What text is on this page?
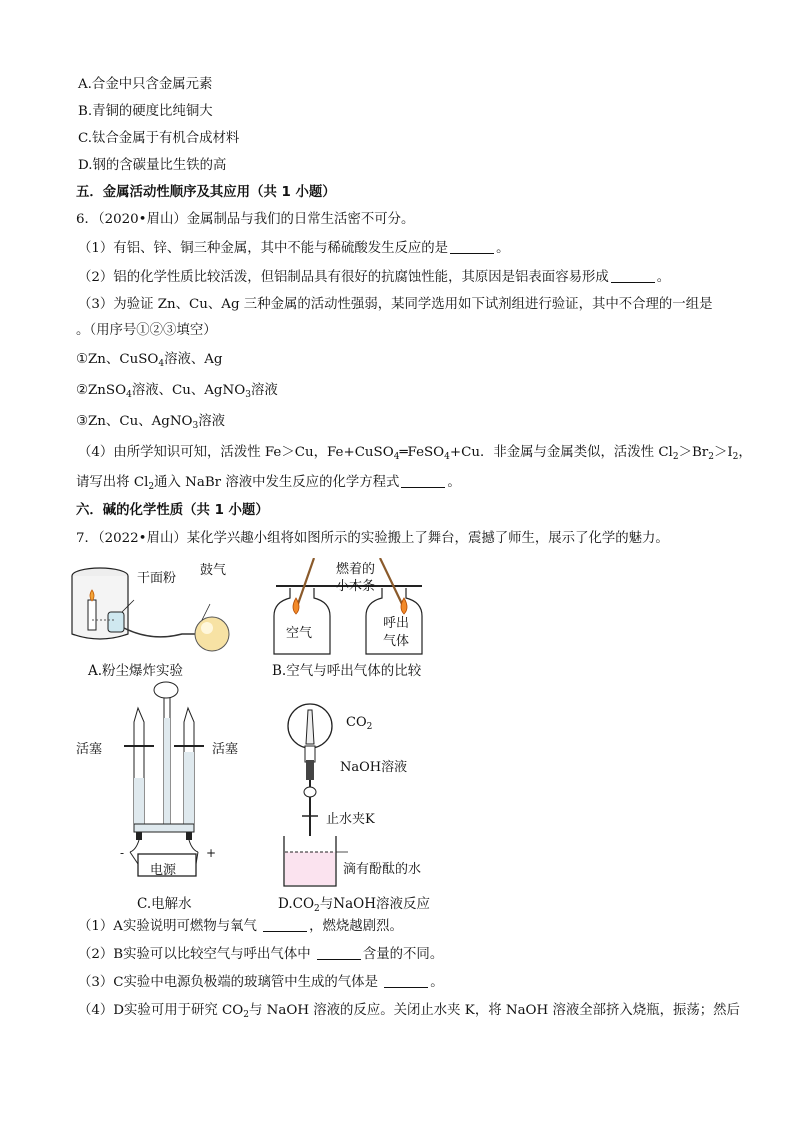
A.合金中只含金属元素
B.青铜的硬度比纯铜大
C.钛合金属于有机合成材料
D.钢的含碳量比生铁的高
五．金属活动性顺序及其应用（共 1 小题）
6．（2020•眉山）金属制品与我们的日常生活密不可分。
（1）有铝、锌、铜三种金属，其中不能与稀硫酸发生反应的是	。
（2）铝的化学性质比较活泼，但铝制品具有很好的抗腐蚀性能，其原因是铝表面容易形成	。
（3）为验证 Zn、Cu、Ag 三种金属的活动性强弱，某同学选用如下试剂组进行验证，其中不合理的一组是
。（用序号①②③填空）
①Zn、CuSO$_4$溶液、Ag
②ZnSO$_4$溶液、Cu、AgNO$_3$溶液
③Zn、Cu、AgNO$_3$溶液
（4）由所学知识可知，活泼性 Fe＞Cu，Fe+CuSO$_4$═FeSO$_4$+Cu．非金属与金属类似，活泼性 $Cl_2>Br_2>I_2$，
请写出将 $Cl_2$通入 NaBr 溶液中发生反应的化学方程式	。
六．碱的化学性质（共 1 小题）
7．（2022•眉山）某化学兴趣小组将如图所示的实验搬上了舞台，震撼了师生，展示了化学的魅力。
干面粉
鼓气
A.粉尘爆炸实验
燃着的
小木条
空气
呼出
气体
B.空气与呼出气体的比较
活塞	活塞
-	+
电源
C.电解水
$CO_2$
NaOH溶液
止水夹K
滴有酚酞的水
$D.CO_2$与NaOH溶液反应
（1）A实验说明可燃物与氧气	，燃烧越剧烈。
（2）B实验可以比较空气与呼出气体中	含量的不同。
（3）C实验中电源负极端的玻璃管中生成的气体是	。
（4）D实验可用于研究 $CO_2$与 NaOH 溶液的反应。关闭止水夹 K，将 NaOH 溶液全部挤入烧瓶，振荡；然后
